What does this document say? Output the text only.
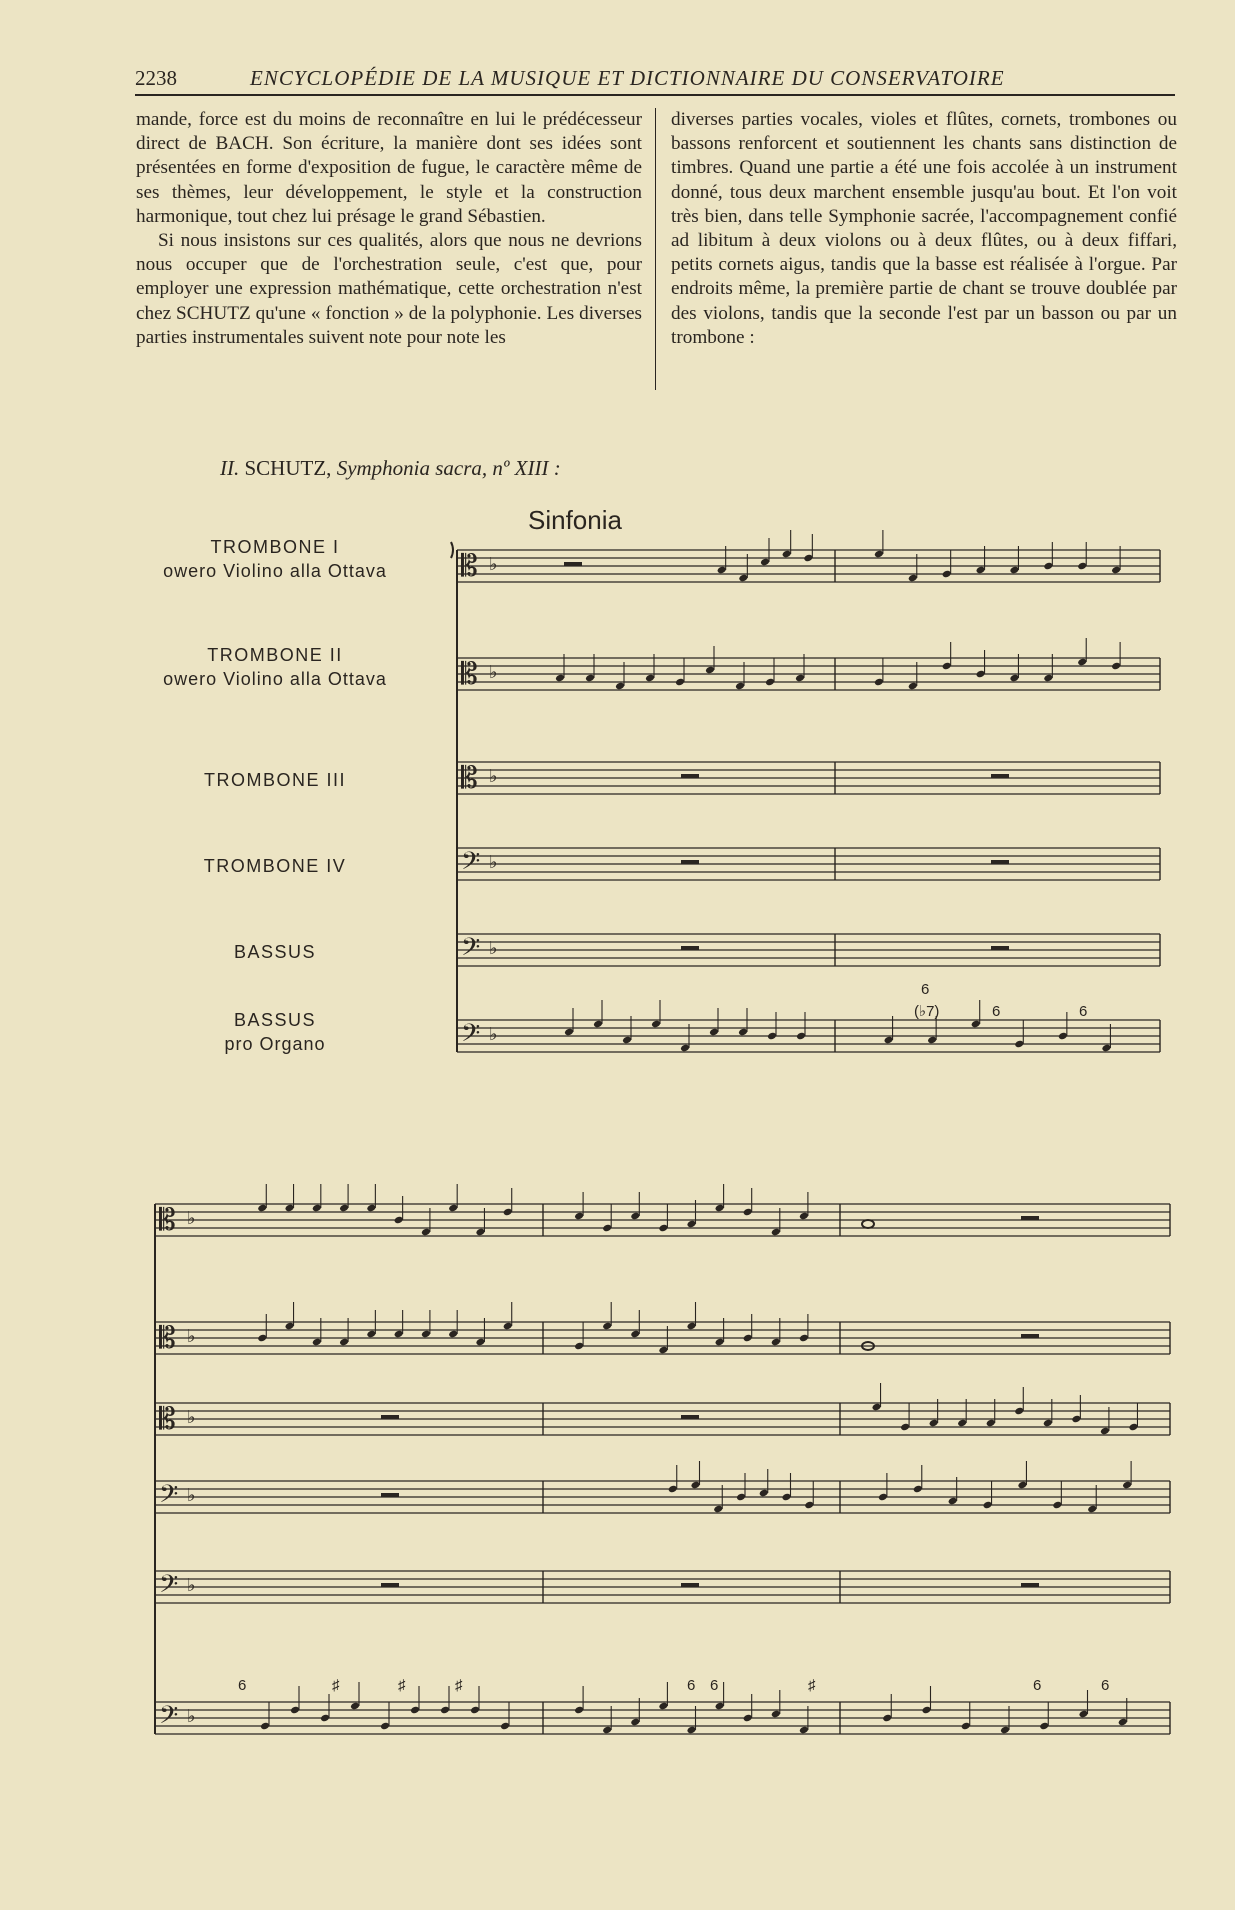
2238	ENCYCLOPÉDIE DE LA MUSIQUE ET DICTIONNAIRE DU CONSERVATOIRE

mande, force est du moins de reconnaître en lui le prédécesseur direct de BACH. Son écriture, la manière dont ses idées sont présentées en forme d'exposition de fugue, le caractère même de ses thèmes, leur développement, le style et la construction harmonique, tout chez lui présage le grand Sébastien.

Si nous insistons sur ces qualités, alors que nous ne devrions nous occuper que de l'orchestration seule, c'est que, pour employer une expression mathématique, cette orchestration n'est chez SCHUTZ qu'une « fonction » de la polyphonie. Les diverses parties instrumentales suivent note pour note les

diverses parties vocales, violes et flûtes, cornets, trombones ou bassons renforcent et soutiennent les chants sans distinction de timbres. Quand une partie a été une fois accolée à un instrument donné, tous deux marchent ensemble jusqu'au bout. Et l'on voit très bien, dans telle Symphonie sacrée, l'accompagnement confié ad libitum à deux violons ou à deux flûtes, ou à deux fiffari, petits cornets aigus, tandis que la basse est réalisée à l'orgue. Par endroits même, la première partie de chant se trouve doublée par des violons, tandis que la seconde l'est par un basson ou par un trombone :

II. SCHUTZ, Symphonia sacra, nº XIII :
Sinfonia
TROMBONE I
owero Violino alla Ottava
TROMBONE II
owero Violino alla Ottava
TROMBONE III
TROMBONE IV
BASSUS
BASSUS
pro Organo
𝄡 ♭
𝄡 ♭
𝄡 ♭
𝄢 ♭
𝄢 ♭
𝄢 ♭
6
(♭7)	6	6
𝄡 ♭
𝄡 ♭
𝄡 ♭
𝄢 ♭
𝄢 ♭
𝄢 ♭
6	♯	♯	♯	6 6	♯	6	6
